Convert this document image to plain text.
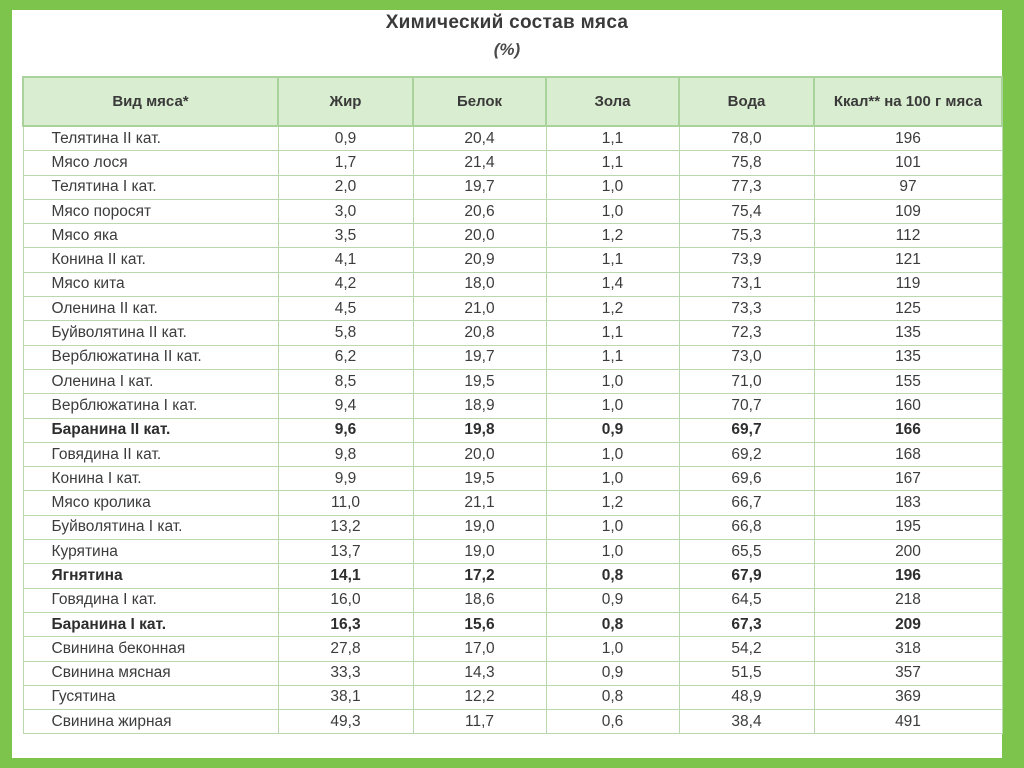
Химический состав мяса
(%)
Вид мяса*	Жир	Белок	Зола	Вода	Ккал** на 100 г мяса
Телятина II кат.	0,9	20,4	1,1	78,0	196
Мясо лося	1,7	21,4	1,1	75,8	101
Телятина I кат.	2,0	19,7	1,0	77,3	97
Мясо поросят	3,0	20,6	1,0	75,4	109
Мясо яка	3,5	20,0	1,2	75,3	112
Конина II кат.	4,1	20,9	1,1	73,9	121
Мясо кита	4,2	18,0	1,4	73,1	119
Оленина II кат.	4,5	21,0	1,2	73,3	125
Буйволятина II кат.	5,8	20,8	1,1	72,3	135
Верблюжатина II кат.	6,2	19,7	1,1	73,0	135
Оленина I кат.	8,5	19,5	1,0	71,0	155
Верблюжатина I кат.	9,4	18,9	1,0	70,7	160
Баранина II кат.	9,6	19,8	0,9	69,7	166
Говядина II кат.	9,8	20,0	1,0	69,2	168
Конина I кат.	9,9	19,5	1,0	69,6	167
Мясо кролика	11,0	21,1	1,2	66,7	183
Буйволятина I кат.	13,2	19,0	1,0	66,8	195
Курятина	13,7	19,0	1,0	65,5	200
Ягнятина	14,1	17,2	0,8	67,9	196
Говядина I кат.	16,0	18,6	0,9	64,5	218
Баранина I кат.	16,3	15,6	0,8	67,3	209
Свинина беконная	27,8	17,0	1,0	54,2	318
Свинина мясная	33,3	14,3	0,9	51,5	357
Гусятина	38,1	12,2	0,8	48,9	369
Свинина жирная	49,3	11,7	0,6	38,4	491
